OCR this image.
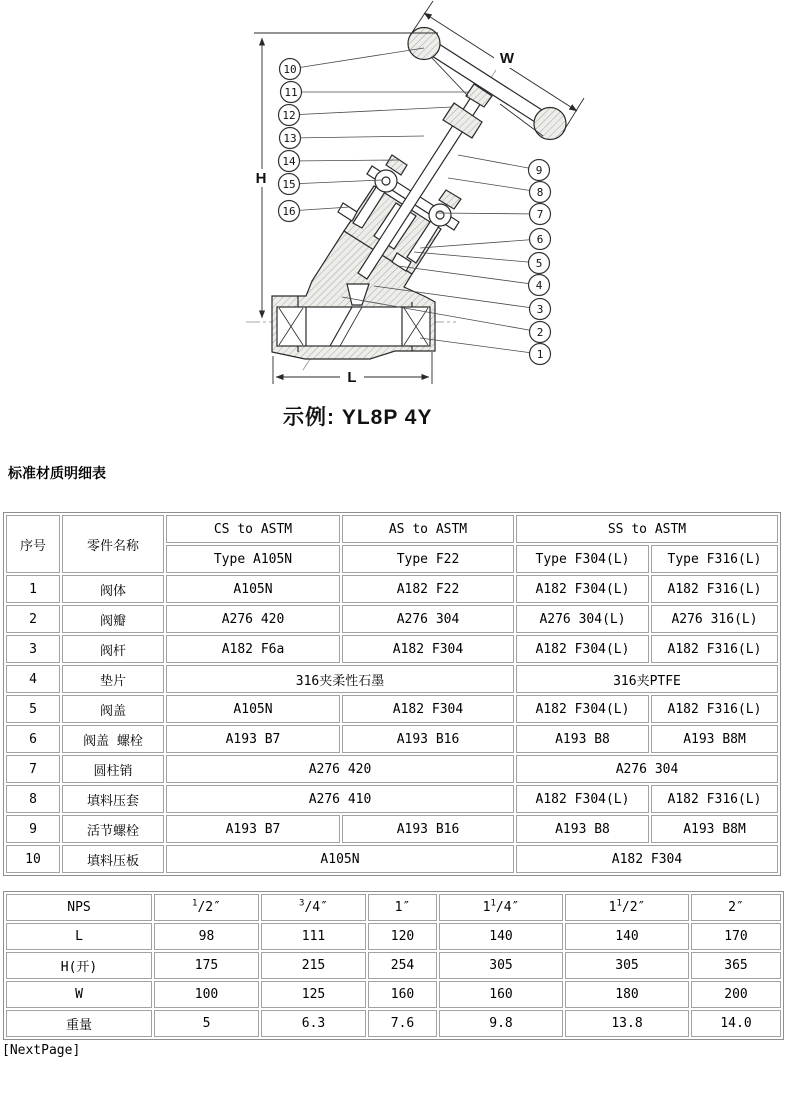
H
W
L
1
2
3
4
5
6
7
8
9
10
11
12
13
14
15
16
示例: YL8P 4Y
标准材质明细表
序号	零件名称	CS to ASTM	AS to ASTM	SS to ASTM	
		Type A105N	Type F22	Type F304(L)	Type F316(L)
1	阀体	A105N	A182 F22	A182 F304(L)	A182 F316(L)
2	阀瓣	A276 420	A276 304	A276 304(L)	A276 316(L)
3	阀杆	A182 F6a	A182 F304	A182 F304(L)	A182 F316(L)
4	垫片	316夹柔性石墨		316夹PTFE	
5	阀盖	A105N	A182 F304	A182 F304(L)	A182 F316(L)
6	阀盖 螺栓	A193 B7	A193 B16	A193 B8	A193 B8M
7	圆柱销	A276 420		A276 304	
8	填料压套	A276 410		A182 F304(L)	A182 F316(L)
9	活节螺栓	A193 B7	A193 B16	A193 B8	A193 B8M
10	填料压板	A105N		A182 F304	
NPS	$^1$/2″	$^3$/4″	1″	$1^1/4''$	$1^1/2''$	2″
L	98	111	120	140	140	170
H(开)	175	215	254	305	305	365
W	100	125	160	160	180	200
重量	5	6.3	7.6	9.8	13.8	14.0
[NextPage]
